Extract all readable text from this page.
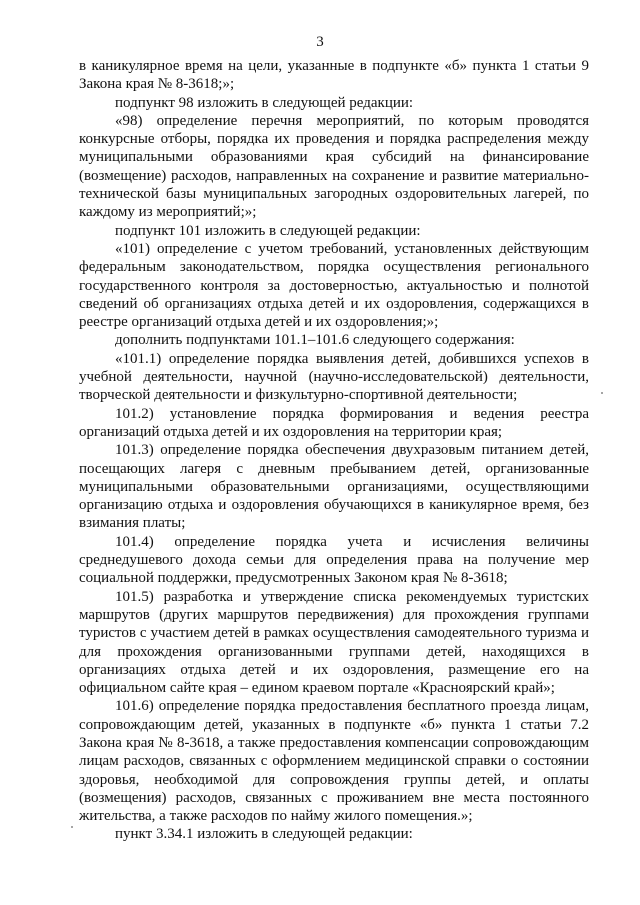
3

в каникулярное время на цели, указанные в подпункте «б» пункта 1 статьи 9 Закона края № 8-3618;»;

подпункт 98 изложить в следующей редакции:

«98) определение перечня мероприятий, по которым проводятся конкурсные отборы, порядка их проведения и порядка распределения между муниципальными образованиями края субсидий на финансирование (возмещение) расходов, направленных на сохранение и развитие материально-технической базы муниципальных загородных оздоровительных лагерей, по каждому из мероприятий;»;

подпункт 101 изложить в следующей редакции:

«101) определение с учетом требований, установленных действующим федеральным законодательством, порядка осуществления регионального государственного контроля за достоверностью, актуальностью и полнотой сведений об организациях отдыха детей и их оздоровления, содержащихся в реестре организаций отдыха детей и их оздоровления;»;

дополнить подпунктами 101.1–101.6 следующего содержания:

«101.1) определение порядка выявления детей, добившихся успехов в учебной деятельности, научной (научно-исследовательской) деятельности, творческой деятельности и физкультурно-спортивной деятельности;

101.2) установление порядка формирования и ведения реестра организаций отдыха детей и их оздоровления на территории края;

101.3) определение порядка обеспечения двухразовым питанием детей, посещающих лагеря с дневным пребыванием детей, организованные муниципальными образовательными организациями, осуществляющими организацию отдыха и оздоровления обучающихся в каникулярное время, без взимания платы;

101.4) определение порядка учета и исчисления величины среднедушевого дохода семьи для определения права на получение мер социальной поддержки, предусмотренных Законом края № 8-3618;

101.5) разработка и утверждение списка рекомендуемых туристских маршрутов (других маршрутов передвижения) для прохождения группами туристов с участием детей в рамках осуществления самодеятельного туризма и для прохождения организованными группами детей, находящихся в организациях отдыха детей и их оздоровления, размещение его на официальном сайте края – едином краевом портале «Красноярский край»;

101.6) определение порядка предоставления бесплатного проезда лицам, сопровождающим детей, указанных в подпункте «б» пункта 1 статьи 7.2 Закона края № 8-3618, а также предоставления компенсации сопровождающим лицам расходов, связанных с оформлением медицинской справки о состоянии здоровья, необходимой для сопровождения группы детей, и оплаты (возмещения) расходов, связанных с проживанием вне места постоянного жительства, а также расходов по найму жилого помещения.»;

пункт 3.34.1 изложить в следующей редакции:
